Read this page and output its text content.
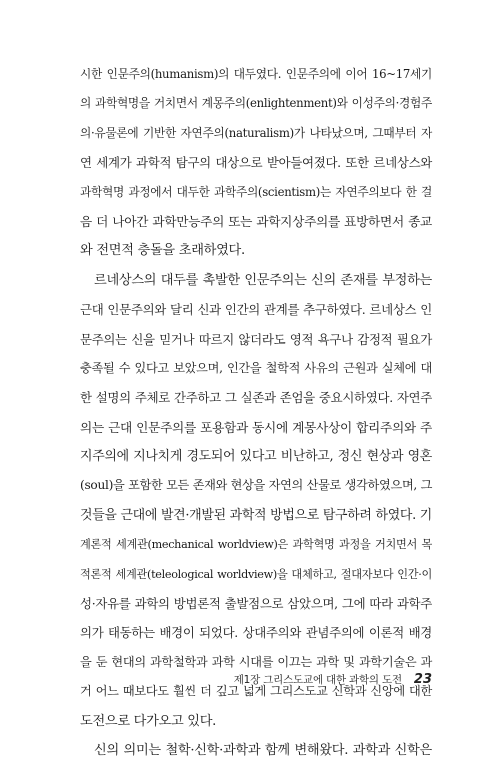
시한 인문주의(humanism)의 대두였다. 인문주의에 이어 16~17세기
의 과학혁명을 거치면서 계몽주의(enlightenment)와 이성주의·경험주
의·유물론에 기반한 자연주의(naturalism)가 나타났으며, 그때부터 자
연 세계가 과학적 탐구의 대상으로 받아들여졌다. 또한 르네상스와
과학혁명 과정에서 대두한 과학주의(scientism)는 자연주의보다 한 걸
음 더 나아간 과학만능주의 또는 과학지상주의를 표방하면서 종교
와 전면적 충돌을 초래하였다.
르네상스의 대두를 촉발한 인문주의는 신의 존재를 부정하는
근대 인문주의와 달리 신과 인간의 관계를 추구하였다. 르네상스 인
문주의는 신을 믿거나 따르지 않더라도 영적 욕구나 감정적 필요가
충족될 수 있다고 보았으며, 인간을 철학적 사유의 근원과 실체에 대
한 설명의 주체로 간주하고 그 실존과 존엄을 중요시하였다. 자연주
의는 근대 인문주의를 포용함과 동시에 계몽사상이 합리주의와 주
지주의에 지나치게 경도되어 있다고 비난하고, 정신 현상과 영혼
(soul)을 포함한 모든 존재와 현상을 자연의 산물로 생각하였으며, 그
것들을 근대에 발견·개발된 과학적 방법으로 탐구하려 하였다. 기
계론적 세계관(mechanical worldview)은 과학혁명 과정을 거치면서 목
적론적 세계관(teleological worldview)을 대체하고, 절대자보다 인간·이
성·자유를 과학의 방법론적 출발점으로 삼았으며, 그에 따라 과학주
의가 태동하는 배경이 되었다. 상대주의와 관념주의에 이론적 배경
을 둔 현대의 과학철학과 과학 시대를 이끄는 과학 및 과학기술은 과
거 어느 때보다도 훨씬 더 깊고 넓게 그리스도교 신학과 신앙에 대한
도전으로 다가오고 있다.
신의 의미는 철학·신학·과학과 함께 변해왔다. 과학과 신학은
제1장 그리스도교에 대한 과학의 도전 23
